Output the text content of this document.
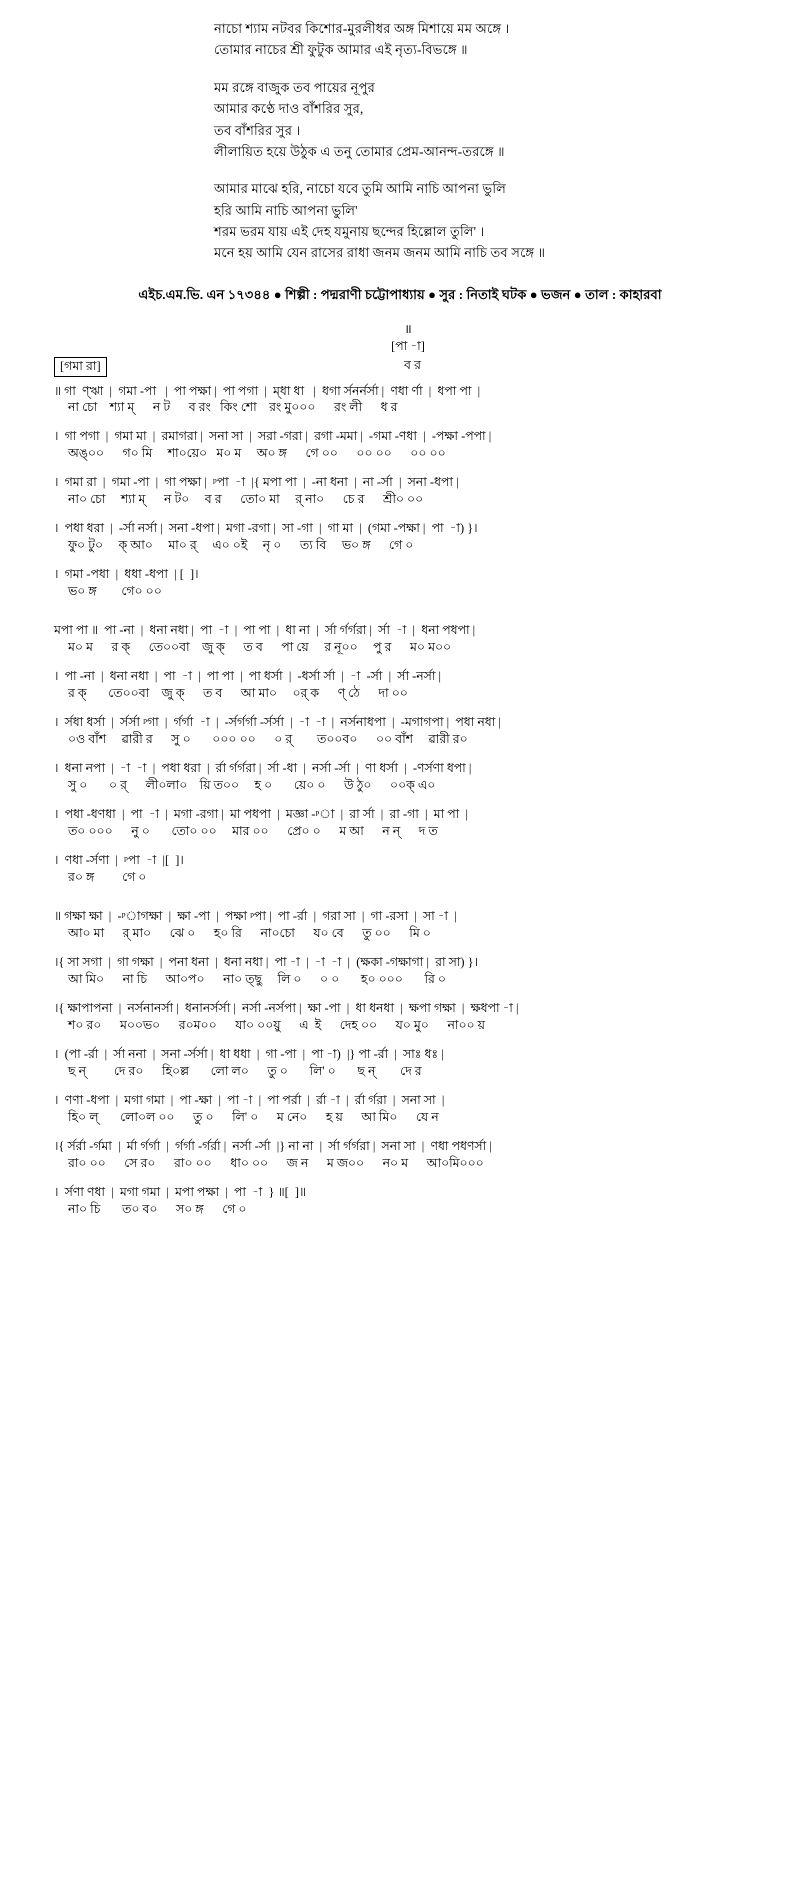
নাচো শ্যাম নটবর কিশোর-মুরলীধর অঙ্গ মিশায়ে মম অঙ্গে ।
তোমার নাচের শ্রী ফুটুক আমার এই নৃত্য-বিভঙ্গে ॥
মম রঙ্গে বাজুক তব পায়ের নূপুর
আমার কণ্ঠে দাও বাঁশরির সুর,
তব বাঁশরির সুর ।
লীলায়িত হয়ে উঠুক এ তনু তোমার প্রেম-আনন্দ-তরঙ্গে ॥
আমার মাঝে হরি, নাচো যবে তুমি আমি নাচি আপনা ভুলি
হরি আমি নাচি আপনা ভুলি'
শরম ভরম যায় এই দেহ যমুনায় ছন্দের হিল্লোল তুলি' ।
মনে হয় আমি যেন রাসের রাধা জনম জনম আমি নাচি তব সঙ্গে ॥
এইচ.এম.ভি. এন ১৭৩৪৪ ● শিল্পী : পদ্মরাণী চট্টোপাধ্যায় ● সুর : নিতাই ঘটক ● ভজন ● তাল : কাহারবা
॥
[পা -া]
[গমা রা]	ব র
॥ গা  ণ্ঋা  |  গমা -পা   |  পা পক্ষা |  পা পগা  |  ম্ধা ধা   |  ধগা র্সনর্নর্সা |  ণধা র্ণা  |  ধপা পা  |
না চো    শ্যা ম্      ন ট      ব রং   কিং শো    রং মু০০০      রং লী      ধ র
।  গা পগা  |  গমা মা  |  রমাগরা |  সনা সা  |  সরা -গরা |  রগা -মমা |  -গমা -ণধা  |  -পক্ষা -পপা |
অঙ্০০      গ০ মি     শা০য়ে০   ম০ ম     অ০ ঙ্গ      গে ০০      ০০ ০০      ০০ ০০
।  গমা রা  |  গমা -পা  |  গা পক্ষা |  ᵖপা  -া  |{ মপা পা  |  -না ধনা  |  না -র্সা  |  সনা -ধপা |
না০ চো     শ্যা ম্      ন ট০     ব র      তো০ মা     র্ না০      চে র      শ্রী০ ০০
।  পধা ধরা  |  -র্সা নর্সা |  সনা -ধপা |  মগা -রগা |  সা -গা  |  গা মা  |  (গমা -পক্ষা |  পা  -া) }।
ফু০ টু০     ক্ আ০     মা০ র্     এ০ ০ই     নৃ ০      ত্য বি     ভ০ ঙ্গ      গে ০
।  গমা -পধা  |  ধধা -ধপা  | [  ]।
ভ০ ঙ্গ        গে০ ০০
মপা পা ॥  পা -না  |  ধনা নধা |  পা  -া  |  পা পা  |  ধা না  |  র্সা র্গর্গরা |  র্সা  -া  |  ধনা পধপা |
ম০ ম      র ক্      তে০০বা    জু ক্      ত ব      পা য়ে     র নূ০০     পু র      ম০ ম০০
।  পা -না  |  ধনা নধা  |  পা  -া  |  পা পা  |  পা ধর্সা  |  -ধর্সা র্সা  |  -া  -র্সা  |  র্সা -নর্সা |
র ক্       তে০০বা    জু ক্      ত ব      আ মা০     ০র্ ক      ণ্ ঠে      দা ০০
।  র্সধা ধর্সা  |  র্সর্সা ᵖগা  |  র্গর্গা  -া  |  -র্সর্গর্গা -র্সর্সা  |  -া  -া  |  নর্সনাধপা  |  -মগাগপা |  পধা নধা |
০ও বাঁশ     ৱারী র      সু ০       ০০০ ০০      ০ র্        ত০০ব০      ০০ বাঁশ     ৱারী র০
।  ধনা নপা  |  -া  -া  |  পধা ধরা  |  র্রা র্গর্গরা |  র্সা -ধা  |  নর্সা -র্সা  |  ণা ধর্সা  |  -ণর্সণা ধপা |
সু ০       ০ র্      লী০লা০    য়ি ত০০     হ ০       য়ে০ ০      উ ঠু০      ০০ক্ এ০
।  পধা -ধণধা  |  পা  -া  |  মগা -রগা |  মা পধপা  |  মজ্ঞা -ᵖা  |  রা র্সা  |  রা -গা  |  মা পা  |
ত০ ০০০      নু ০       তো০ ০০     মার ০০      প্রে০ ০      ম আ      ন ন্      দ ত
।  ণধা -র্সণা  |  ᵖপা  -া  |[  ]।
র০ ঙ্গ         গে ০
॥ গক্ষা ক্ষা  |  -ᵖাগক্ষা  |  ক্ষা -পা  |  পক্ষা ᵖপা |  পা -র্রা  |  গরা সা  |  গা -রসা  |  সা -া  |
আ০ মা      র্ মা০      ঝে ০      হ০ রি      না০চো      য০ বে      তু ০০      মি ০
।{ সা সগা  |  গা গক্ষা  |  পনা ধনা  |  ধনা নধা |  পা -া  |  -া  -া  |  (ক্ষকা -গক্ষাগা |  রা সা) }।
আ মি০      না চি      আ০প০      না০ ত্ছু     লি ০      ০ ০       হ০ ০০০       রি ০
।{ ক্ষাপাপনা  |  নর্সনানর্সা |  ধনানর্সর্সা |  নর্সা -নর্সপা |  ক্ষা -পা  |  ধা ধনধা  |  ক্ষপা গক্ষা  |  ক্ষধপা -া |
শ০ র০      ম০০ভ০      র০ম০০      যা০ ০০য়ু      এ  ই      দেহ ০০      য০ মু০      না০০ য়
।  (পা -র্রা  |  র্সা ননা  |  সনা -র্সর্সা |  ধা ধধা  |  গা -পা  |  পা -া)  |} পা -র্রা  |  সাঃ ধঃ |
ছ ন্         দে র০      হি০ল্ল       লো ল০      তু ০       লি' ০       ছ ন্        দে র
।  ণণা -ধপা  |  মগা গমা  |  পা -ক্ষা  |  পা -া  |  পা পর্রা  |  র্রা -া  |  র্রা র্গরা  |  সনা সা  |
হি০ ল্       লো০ল ০০      তু ০      লি' ০      ম নে০      হ য়      আ মি০      যে ন
।{ র্সর্রা -র্গমা  |  র্মা র্গর্গা  |  র্গর্গা -র্গর্রা |  নর্সা -র্সা  |} না না  |  র্সা র্গর্গরা |  সনা সা  |  ণধা পধণর্সা |
রা০ ০০      সে র০      রা০ ০০      ধা০ ০০      জ ন      ম জ০০      ন০ ম      আ০মি০০০
।  র্সণা ণধা  |  মগা গমা  |  মপা পক্ষা  |  পা  -া  } ॥[  ]॥
না০ চি       ত০ ব০      স০ ঙ্গ      গে ০
